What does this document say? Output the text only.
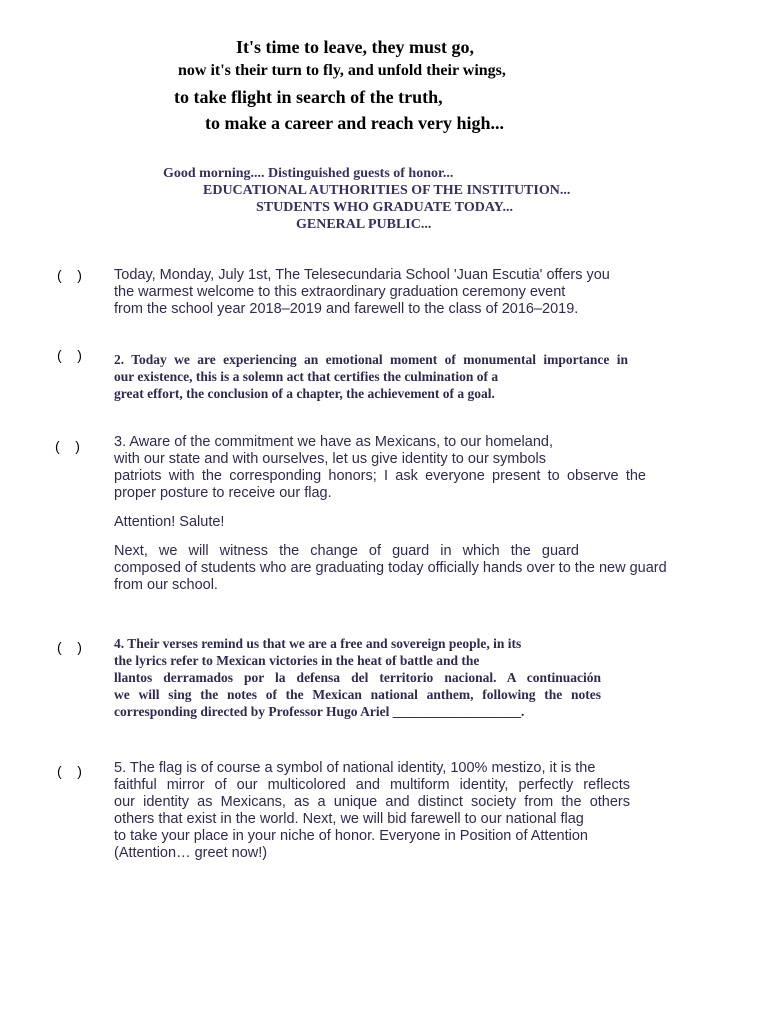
It's time to leave, they must go,

now it's their turn to fly, and unfold their wings,

to take flight in search of the truth,

to make a career and reach very high...

Good morning.... Distinguished guests of honor...

EDUCATIONAL AUTHORITIES OF THE INSTITUTION...

STUDENTS WHO GRADUATE TODAY...

GENERAL PUBLIC...

(    )

(    )

(    )

(    )

(    )

Today, Monday, July 1st, The Telesecundaria School 'Juan Escutia' offers you
the warmest welcome to this extraordinary graduation ceremony event
from the school year 2018–2019 and farewell to the class of 2016–2019.
2. Today we are experiencing an emotional moment of monumental importance in
our existence, this is a solemn act that certifies the culmination of a
great effort, the conclusion of a chapter, the achievement of a goal.
3. Aware of the commitment we have as Mexicans, to our homeland,
with our state and with ourselves, let us give identity to our symbols
patriots with the corresponding honors; I ask everyone present to observe the
proper posture to receive our flag.
Attention! Salute!
Next, we will witness the change of guard in which the guard
composed of students who are graduating today officially hands over to the new guard
from our school.
4. Their verses remind us that we are a free and sovereign people, in its
the lyrics refer to Mexican victories in the heat of battle and the
llantos derramados por la defensa del territorio nacional. A continuación
we will sing the notes of the Mexican national anthem, following the notes
corresponding directed by Professor Hugo Ariel ___________________.
5. The flag is of course a symbol of national identity, 100% mestizo, it is the
faithful mirror of our multicolored and multiform identity, perfectly reflects
our identity as Mexicans, as a unique and distinct society from the others
others that exist in the world. Next, we will bid farewell to our national flag
to take your place in your niche of honor. Everyone in Position of Attention
(Attention… greet now!)
